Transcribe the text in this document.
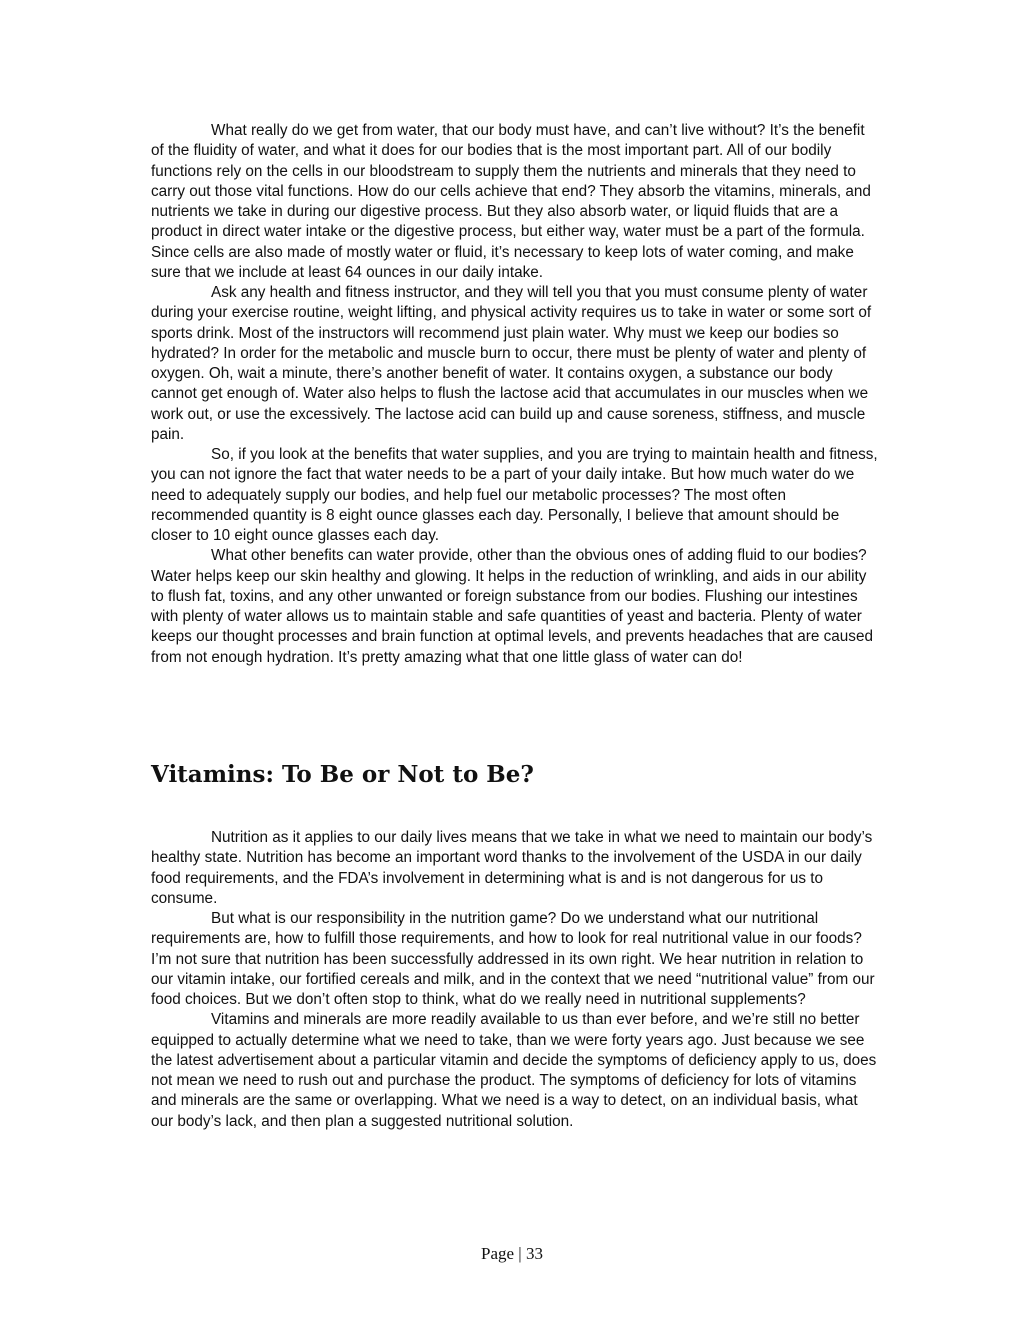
What really do we get from water, that our body must have, and can’t live without? It’s the benefit of the fluidity of water, and what it does for our bodies that is the most important part. All of our bodily functions rely on the cells in our bloodstream to supply them the nutrients and minerals that they need to carry out those vital functions. How do our cells achieve that end? They absorb the vitamins, minerals, and nutrients we take in during our digestive process. But they also absorb water, or liquid fluids that are a product in direct water intake or the digestive process, but either way, water must be a part of the formula. Since cells are also made of mostly water or fluid, it’s necessary to keep lots of water coming, and make sure that we include at least 64 ounces in our daily intake.

Ask any health and fitness instructor, and they will tell you that you must consume plenty of water during your exercise routine, weight lifting, and physical activity requires us to take in water or some sort of sports drink. Most of the instructors will recommend just plain water. Why must we keep our bodies so hydrated? In order for the metabolic and muscle burn to occur, there must be plenty of water and plenty of oxygen. Oh, wait a minute, there’s another benefit of water. It contains oxygen, a substance our body cannot get enough of. Water also helps to flush the lactose acid that accumulates in our muscles when we work out, or use the excessively. The lactose acid can build up and cause soreness, stiffness, and muscle pain.

So, if you look at the benefits that water supplies, and you are trying to maintain health and fitness, you can not ignore the fact that water needs to be a part of your daily intake. But how much water do we need to adequately supply our bodies, and help fuel our metabolic processes? The most often recommended quantity is 8 eight ounce glasses each day. Personally, I believe that amount should be closer to 10 eight ounce glasses each day.

What other benefits can water provide, other than the obvious ones of adding fluid to our bodies? Water helps keep our skin healthy and glowing. It helps in the reduction of wrinkling, and aids in our ability to flush fat, toxins, and any other unwanted or foreign substance from our bodies. Flushing our intestines with plenty of water allows us to maintain stable and safe quantities of yeast and bacteria. Plenty of water keeps our thought processes and brain function at optimal levels, and prevents headaches that are caused from not enough hydration. It’s pretty amazing what that one little glass of water can do!

Vitamins: To Be or Not to Be?

Nutrition as it applies to our daily lives means that we take in what we need to maintain our body’s healthy state. Nutrition has become an important word thanks to the involvement of the USDA in our daily food requirements, and the FDA’s involvement in determining what is and is not dangerous for us to consume.

But what is our responsibility in the nutrition game? Do we understand what our nutritional requirements are, how to fulfill those requirements, and how to look for real nutritional value in our foods? I’m not sure that nutrition has been successfully addressed in its own right. We hear nutrition in relation to our vitamin intake, our fortified cereals and milk, and in the context that we need “nutritional value” from our food choices. But we don’t often stop to think, what do we really need in nutritional supplements?

Vitamins and minerals are more readily available to us than ever before, and we’re still no better equipped to actually determine what we need to take, than we were forty years ago. Just because we see the latest advertisement about a particular vitamin and decide the symptoms of deficiency apply to us, does not mean we need to rush out and purchase the product. The symptoms of deficiency for lots of vitamins and minerals are the same or overlapping. What we need is a way to detect, on an individual basis, what our body’s lack, and then plan a suggested nutritional solution.

Page | 33
